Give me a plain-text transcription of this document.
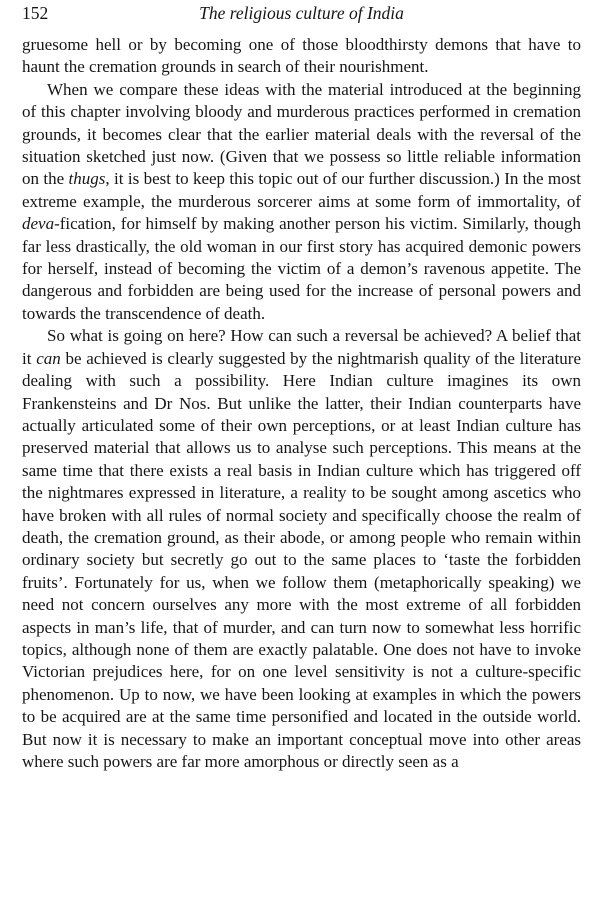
152	The religious culture of India

gruesome hell or by becoming one of those bloodthirsty demons that have to haunt the cremation grounds in search of their nourishment.

When we compare these ideas with the material introduced at the beginning of this chapter involving bloody and murderous practices performed in cremation grounds, it becomes clear that the earlier material deals with the reversal of the situation sketched just now. (Given that we possess so little reliable information on the thugs, it is best to keep this topic out of our further discussion.) In the most extreme example, the murderous sorcerer aims at some form of immortality, of deva-fication, for himself by making another person his victim. Similarly, though far less drastically, the old woman in our first story has acquired demonic powers for herself, instead of becoming the victim of a demon’s ravenous appetite. The dangerous and forbidden are being used for the increase of personal powers and towards the transcendence of death.

So what is going on here? How can such a reversal be achieved? A belief that it can be achieved is clearly suggested by the nightmarish quality of the literature dealing with such a possibility. Here Indian culture imagines its own Frankensteins and Dr Nos. But unlike the latter, their Indian counterparts have actually articulated some of their own perceptions, or at least Indian culture has preserved material that allows us to analyse such perceptions. This means at the same time that there exists a real basis in Indian culture which has triggered off the nightmares expressed in literature, a reality to be sought among ascetics who have broken with all rules of normal society and specifically choose the realm of death, the cremation ground, as their abode, or among people who remain within ordinary society but secretly go out to the same places to ‘taste the forbidden fruits’. Fortunately for us, when we follow them (metaphorically speaking) we need not concern ourselves any more with the most extreme of all forbidden aspects in man’s life, that of murder, and can turn now to somewhat less horrific topics, although none of them are exactly palatable. One does not have to invoke Victorian prejudices here, for on one level sensitivity is not a culture-specific phenomenon. Up to now, we have been looking at examples in which the powers to be acquired are at the same time personified and located in the outside world. But now it is necessary to make an important conceptual move into other areas where such powers are far more amorphous or directly seen as a
